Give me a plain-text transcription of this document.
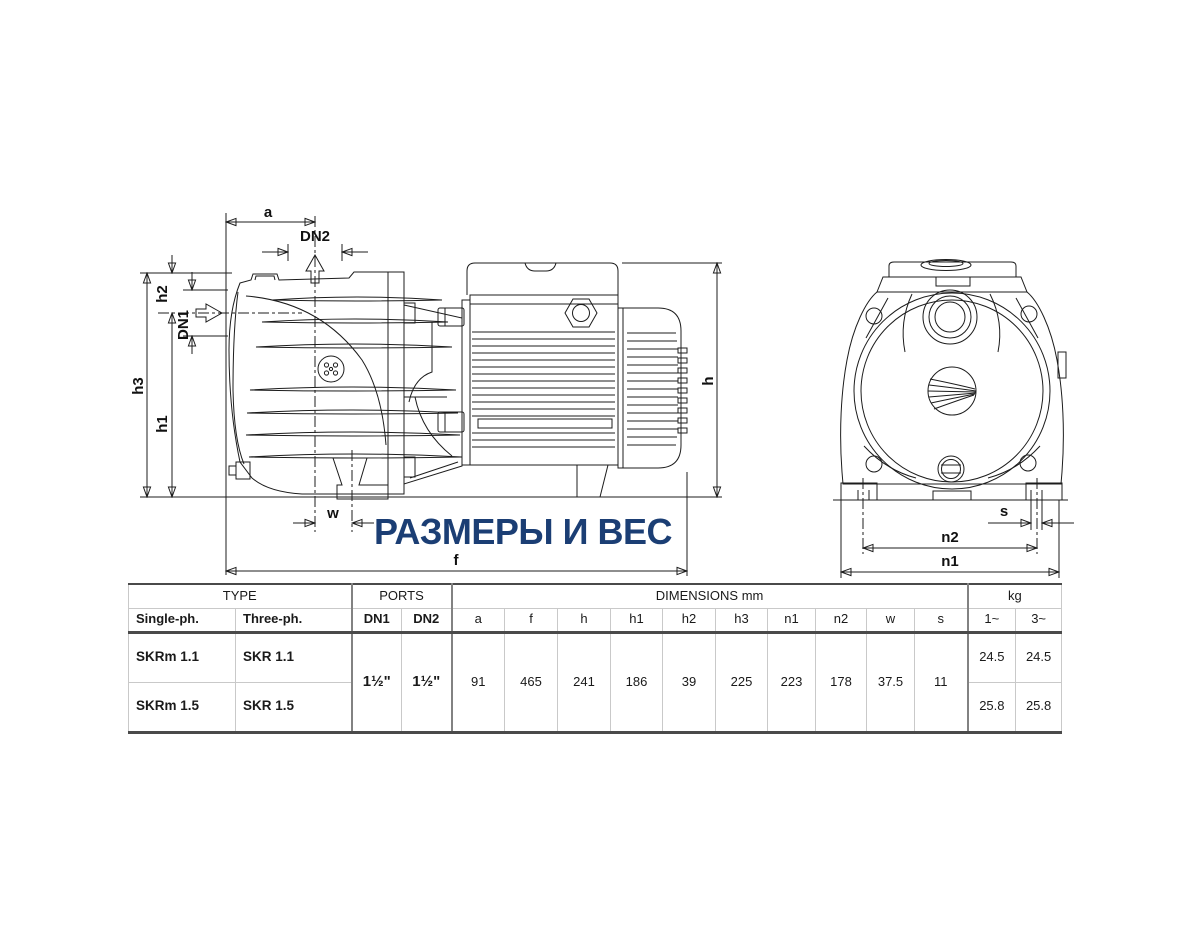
a
DN2
h2
DN1
h3
h1
w
f
h
s
n2
n1
РАЗМЕРЫ И ВЕС
TYPE		PORTS		DIMENSIONS mm										kg	
Single-ph.	Three-ph.	DN1	DN2	a	f	h	h1	h2	h3	n1	n2	w	s	1~	3~
SKRm 1.1	SKR 1.1	1½"	1½"	91	465	241	186	39	225	223	178	37.5	11	24.5	24.5
SKRm 1.5	SKR 1.5													25.8	25.8
